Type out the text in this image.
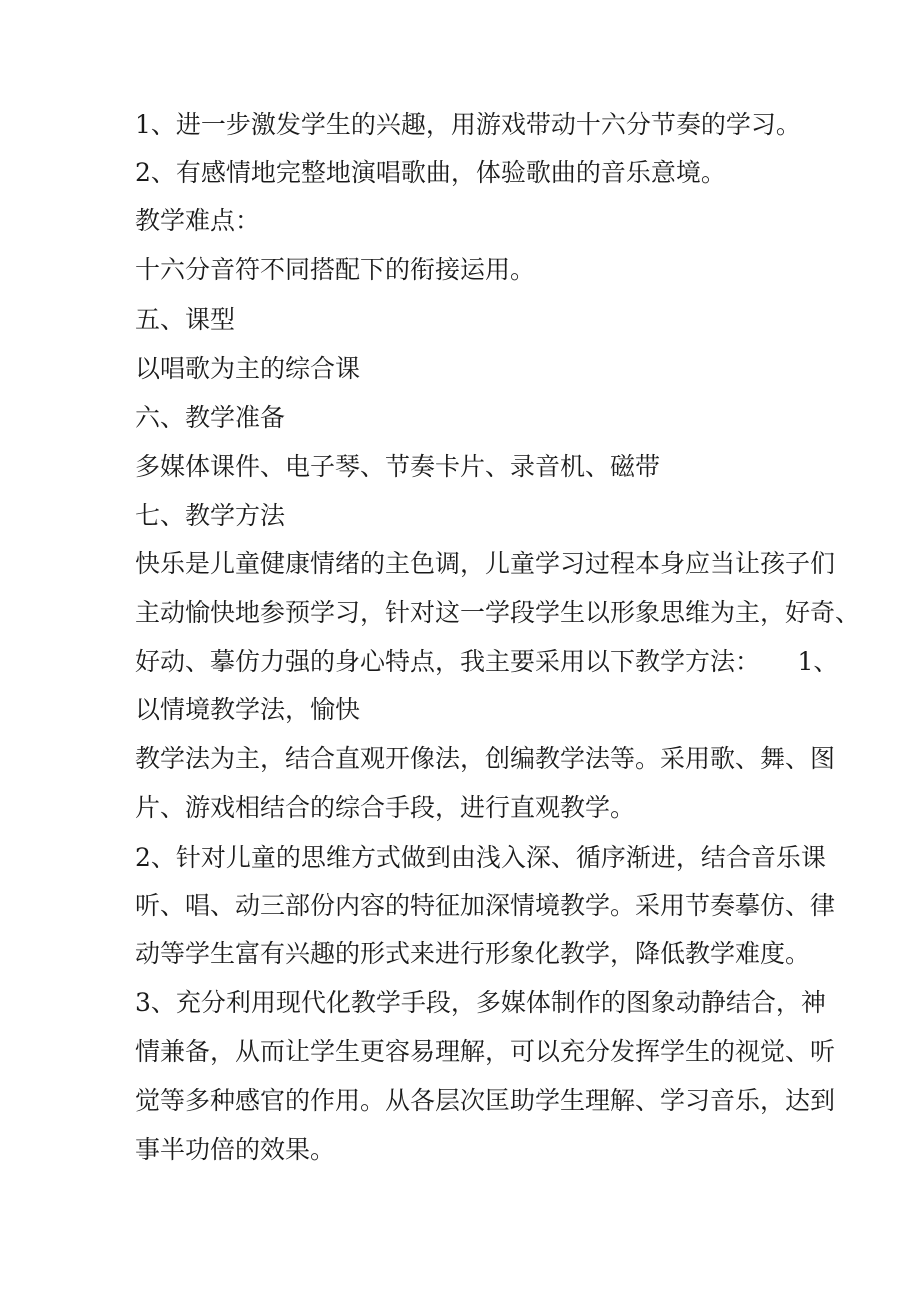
1、进一步激发学生的兴趣，用游戏带动十六分节奏的学习。
2、有感情地完整地演唱歌曲，体验歌曲的音乐意境。
教学难点：
十六分音符不同搭配下的衔接运用。
五、课型
以唱歌为主的综合课
六、教学准备
多媒体课件、电子琴、节奏卡片、录音机、磁带
七、教学方法
快乐是儿童健康情绪的主色调，儿童学习过程本身应当让孩子们
主动愉快地参预学习，针对这一学段学生以形象思维为主，好奇、
好动、摹仿力强的身心特点，我主要采用以下教学方法：　　1、
以情境教学法，愉快
教学法为主，结合直观开像法，创编教学法等。采用歌、舞、图
片、游戏相结合的综合手段，进行直观教学。
2、针对儿童的思维方式做到由浅入深、循序渐进，结合音乐课
听、唱、动三部份内容的特征加深情境教学。采用节奏摹仿、律
动等学生富有兴趣的形式来进行形象化教学，降低教学难度。
3、充分利用现代化教学手段，多媒体制作的图象动静结合，神
情兼备，从而让学生更容易理解，可以充分发挥学生的视觉、听
觉等多种感官的作用。从各层次匡助学生理解、学习音乐，达到
事半功倍的效果。
